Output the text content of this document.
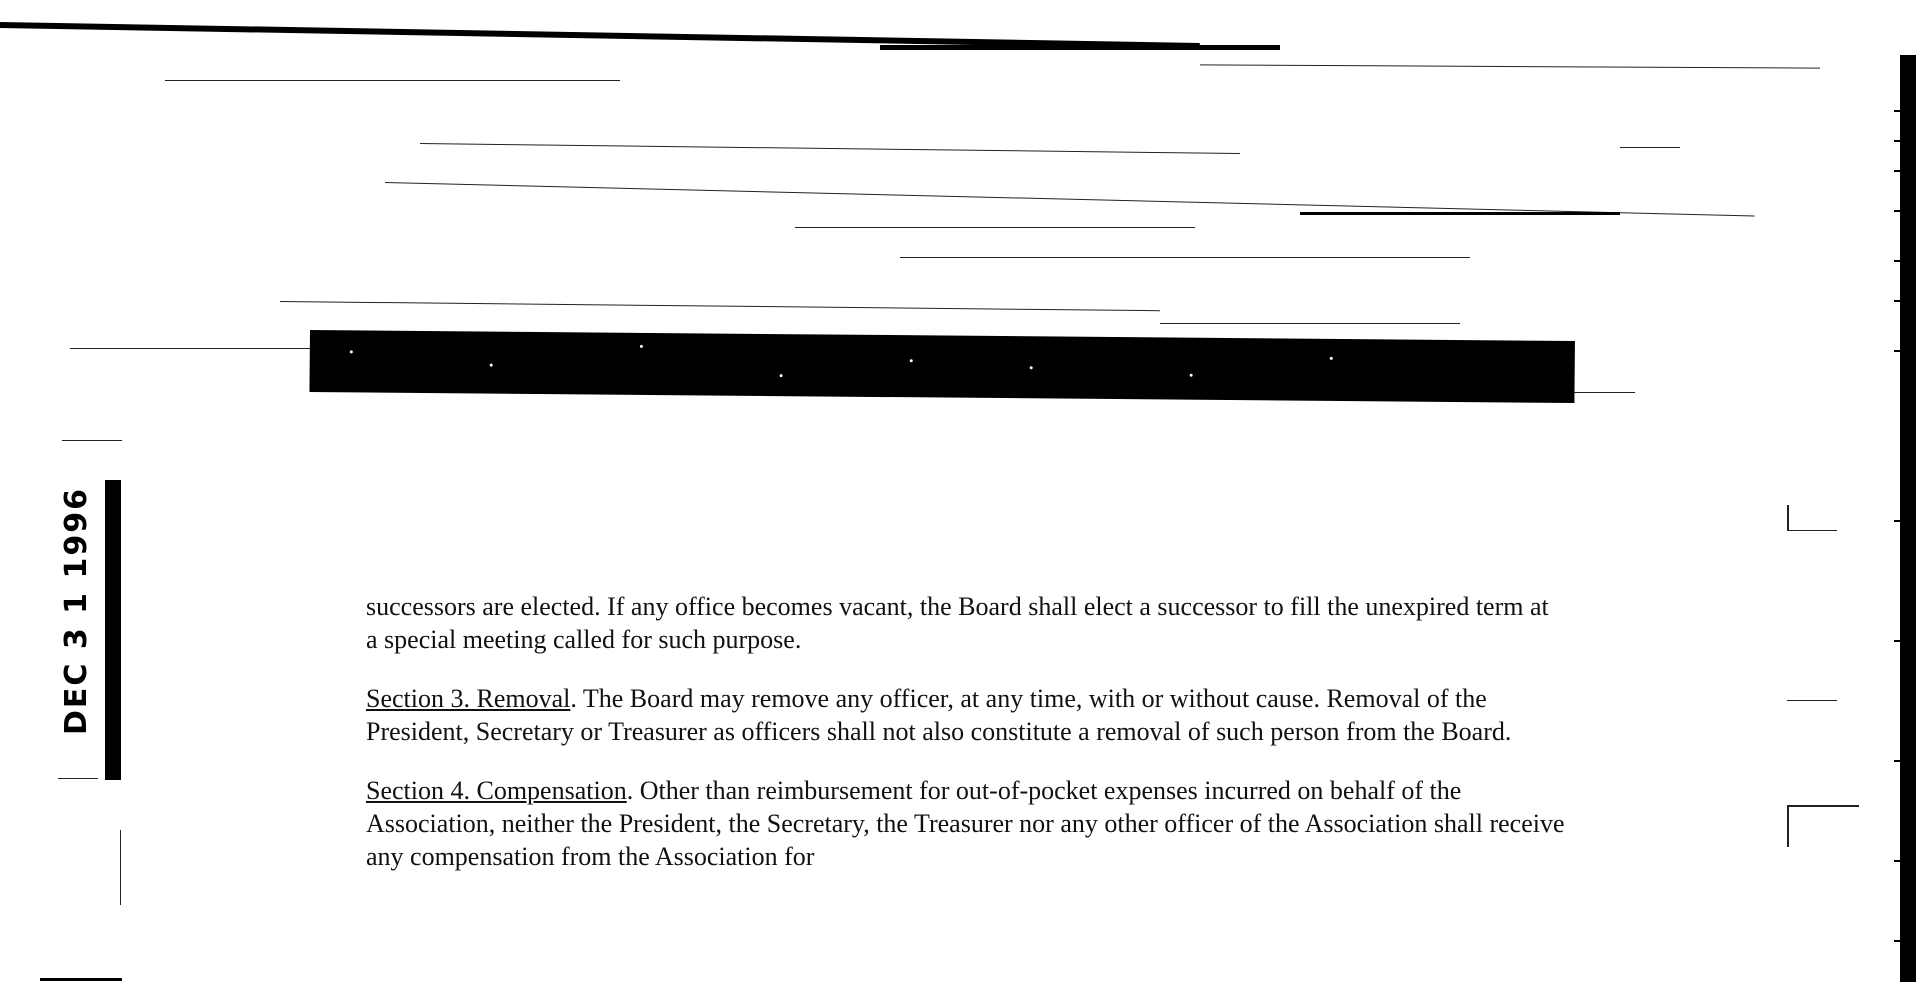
DEC 3 1 1996	successors are elected. If any office becomes vacant, the Board shall elect a successor to fill the unexpired term at a special meeting called for such purpose.

Section 3. Removal. The Board may remove any officer, at any time, with or without cause. Removal of the President, Secretary or Treasurer as officers shall not also constitute a removal of such person from the Board.

Section 4. Compensation. Other than reimbursement for out-of-pocket expenses incurred on behalf of the Association, neither the President, the Secretary, the Treasurer nor any other officer of the Association shall receive any compensation from the Association for
